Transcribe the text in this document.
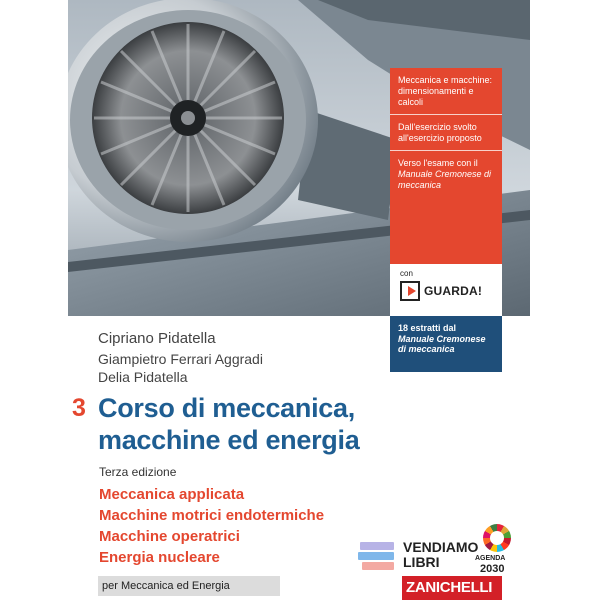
Meccanica e macchine: dimensionamenti e calcoli
Dall'esercizio svolto all'esercizio proposto
Verso l'esame con il Manuale Cremonese di meccanica
con
GUARDA!
18 estratti dal Manuale Cremonese di meccanica
Cipriano Pidatella
Giampietro Ferrari Aggradi
Delia Pidatella
3 Corso di meccanica,
macchine ed energia
Terza edizione
Meccanica applicata
Macchine motrici endotermiche
Macchine operatrici
Energia nucleare
per Meccanica ed Energia
VENDIAMO
LIBRI	AGENDA
2030
ZANICHELLI
